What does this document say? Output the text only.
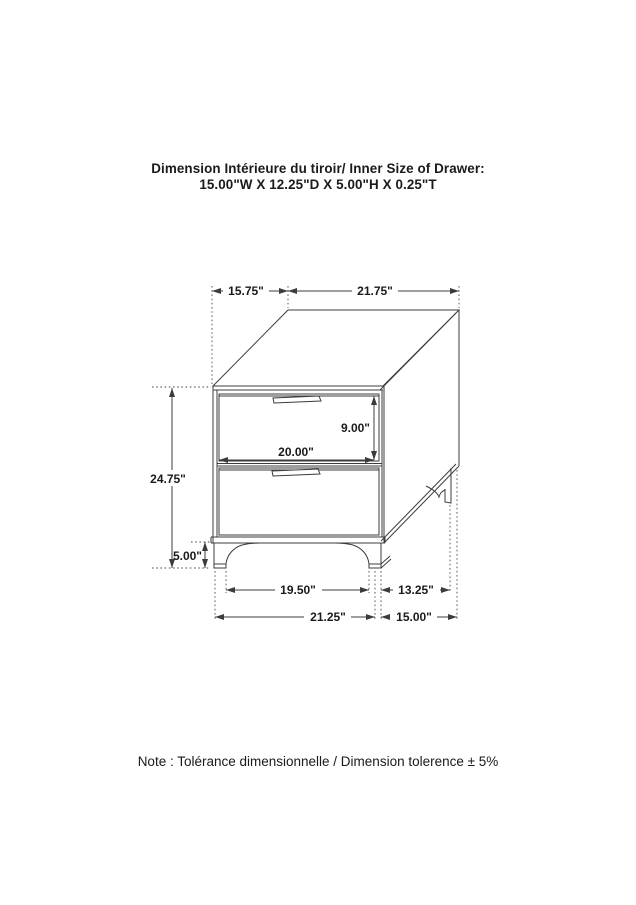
Dimension Intérieure du tiroir/ Inner Size of Drawer:
15.00"W X 12.25"D X 5.00"H X 0.25"T
15.75"	21.75"
24.75"
5.00"
9.00"
20.00"
19.50"	13.25"
21.25"	15.00"
Note : Tolérance dimensionnelle / Dimension tolerence ± 5%
